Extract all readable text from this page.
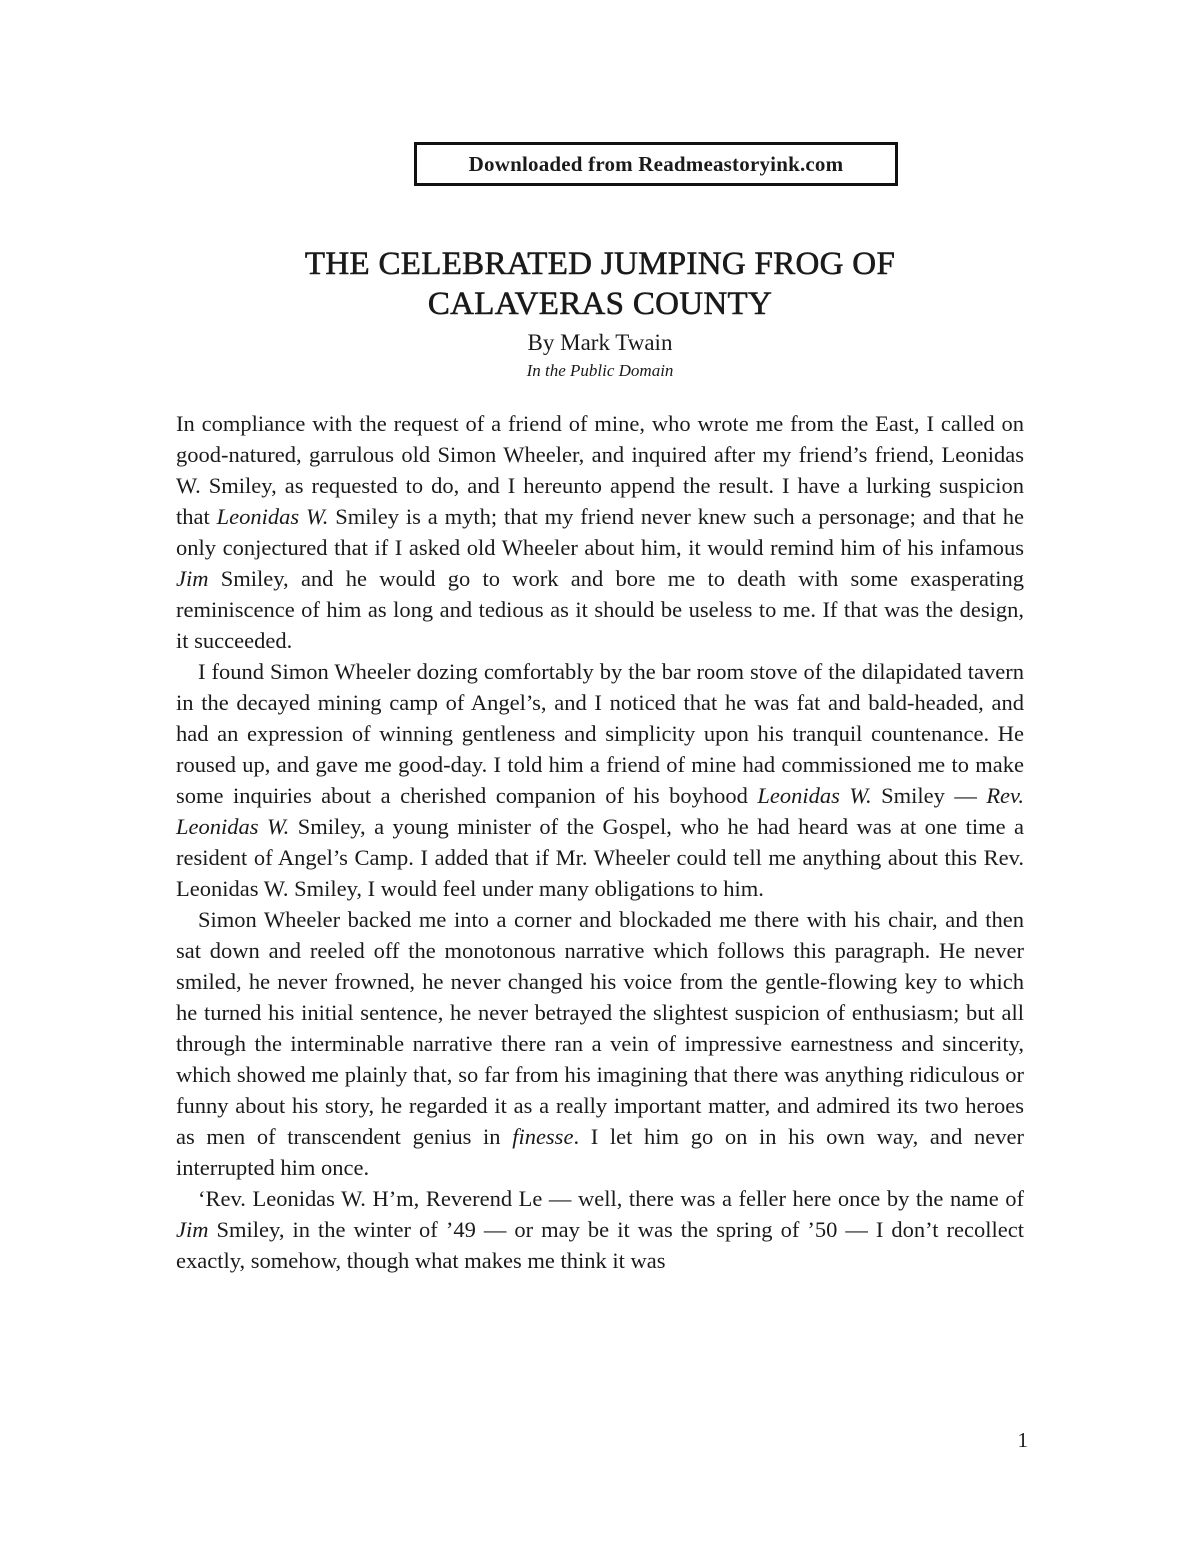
Downloaded from Readmeastoryink.com
THE CELEBRATED JUMPING FROG OF
CALAVERAS COUNTY
By Mark Twain
In the Public Domain

In compliance with the request of a friend of mine, who wrote me from the East, I called on good-natured, garrulous old Simon Wheeler, and inquired after my friend’s friend, Leonidas W. Smiley, as requested to do, and I hereunto append the result. I have a lurking suspicion that Leonidas W. Smiley is a myth; that my friend never knew such a personage; and that he only conjectured that if I asked old Wheeler about him, it would remind him of his infamous Jim Smiley, and he would go to work and bore me to death with some exasperating reminiscence of him as long and tedious as it should be useless to me. If that was the design, it succeeded.

I found Simon Wheeler dozing comfortably by the bar room stove of the dilapidated tavern in the decayed mining camp of Angel’s, and I noticed that he was fat and bald-headed, and had an expression of winning gentleness and simplicity upon his tranquil countenance. He roused up, and gave me good-day. I told him a friend of mine had commissioned me to make some inquiries about a cherished companion of his boyhood Leonidas W. Smiley — Rev. Leonidas W. Smiley, a young minister of the Gospel, who he had heard was at one time a resident of Angel’s Camp. I added that if Mr. Wheeler could tell me anything about this Rev. Leonidas W. Smiley, I would feel under many obligations to him.

Simon Wheeler backed me into a corner and blockaded me there with his chair, and then sat down and reeled off the monotonous narrative which follows this paragraph. He never smiled, he never frowned, he never changed his voice from the gentle-flowing key to which he turned his initial sentence, he never betrayed the slightest suspicion of enthusiasm; but all through the interminable narrative there ran a vein of impressive earnestness and sincerity, which showed me plainly that, so far from his imagining that there was anything ridiculous or funny about his story, he regarded it as a really important matter, and admired its two heroes as men of transcendent genius in finesse. I let him go on in his own way, and never interrupted him once.

‘Rev. Leonidas W. H’m, Reverend Le — well, there was a feller here once by the name of Jim Smiley, in the winter of ’49 — or may be it was the spring of ’50 — I don’t recollect exactly, somehow, though what makes me think it was

1
